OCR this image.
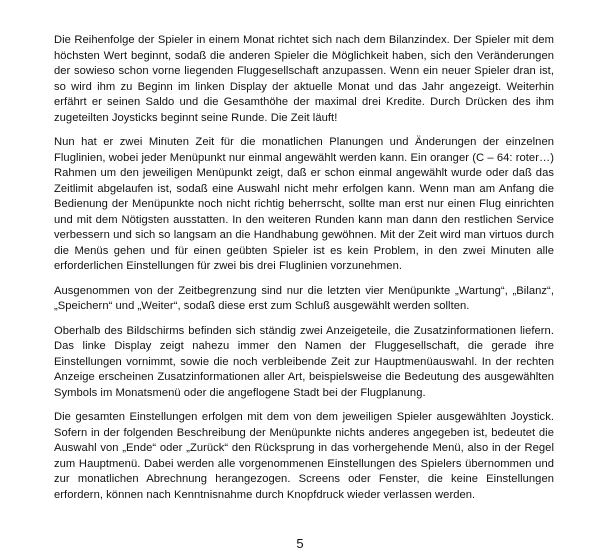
Die Reihenfolge der Spieler in einem Monat richtet sich nach dem Bilanzindex. Der Spieler mit dem höchsten Wert beginnt, sodaß die anderen Spieler die Möglichkeit haben, sich den Veränderungen der sowieso schon vorne liegenden Fluggesellschaft anzupassen. Wenn ein neuer Spieler dran ist, so wird ihm zu Beginn im linken Display der aktuelle Monat und das Jahr angezeigt. Weiterhin erfährt er seinen Saldo und die Gesamthöhe der maximal drei Kredite. Durch Drücken des ihm zugeteilten Joysticks beginnt seine Runde. Die Zeit läuft!

Nun hat er zwei Minuten Zeit für die monatlichen Planungen und Änderungen der einzelnen Fluglinien, wobei jeder Menüpunkt nur einmal angewählt werden kann. Ein oranger (C – 64: roter…) Rahmen um den jeweiligen Menüpunkt zeigt, daß er schon einmal angewählt wurde oder daß das Zeitlimit abgelaufen ist, sodaß eine Auswahl nicht mehr erfolgen kann. Wenn man am Anfang die Bedienung der Menüpunkte noch nicht richtig beherrscht, sollte man erst nur einen Flug einrichten und mit dem Nötigsten ausstatten. In den weiteren Runden kann man dann den restlichen Service verbessern und sich so langsam an die Handhabung gewöhnen. Mit der Zeit wird man virtuos durch die Menüs gehen und für einen geübten Spieler ist es kein Problem, in den zwei Minuten alle erforderlichen Einstellungen für zwei bis drei Fluglinien vorzunehmen.

Ausgenommen von der Zeitbegrenzung sind nur die letzten vier Menüpunkte „Wartung“, „Bilanz“, „Speichern“ und „Weiter“, sodaß diese erst zum Schluß ausgewählt werden sollten.

Oberhalb des Bildschirms befinden sich ständig zwei Anzeigeteile, die Zusatzinformationen liefern. Das linke Display zeigt nahezu immer den Namen der Fluggesellschaft, die gerade ihre Einstellungen vornimmt, sowie die noch verbleibende Zeit zur Hauptmenüauswahl. In der rechten Anzeige erscheinen Zusatzinformationen aller Art, beispielsweise die Bedeutung des ausgewählten Symbols im Monatsmenü oder die angeflogene Stadt bei der Flugplanung.

Die gesamten Einstellungen erfolgen mit dem von dem jeweiligen Spieler ausgewählten Joystick. Sofern in der folgenden Beschreibung der Menüpunkte nichts anderes angegeben ist, bedeutet die Auswahl von „Ende“ oder „Zurück“ den Rücksprung in das vorhergehende Menü, also in der Regel zum Hauptmenü. Dabei werden alle vorgenommenen Einstellungen des Spielers übernommen und zur monatlichen Abrechnung herangezogen. Screens oder Fenster, die keine Einstellungen erfordern, können nach Kenntnisnahme durch Knopfdruck wieder verlassen werden.

5
